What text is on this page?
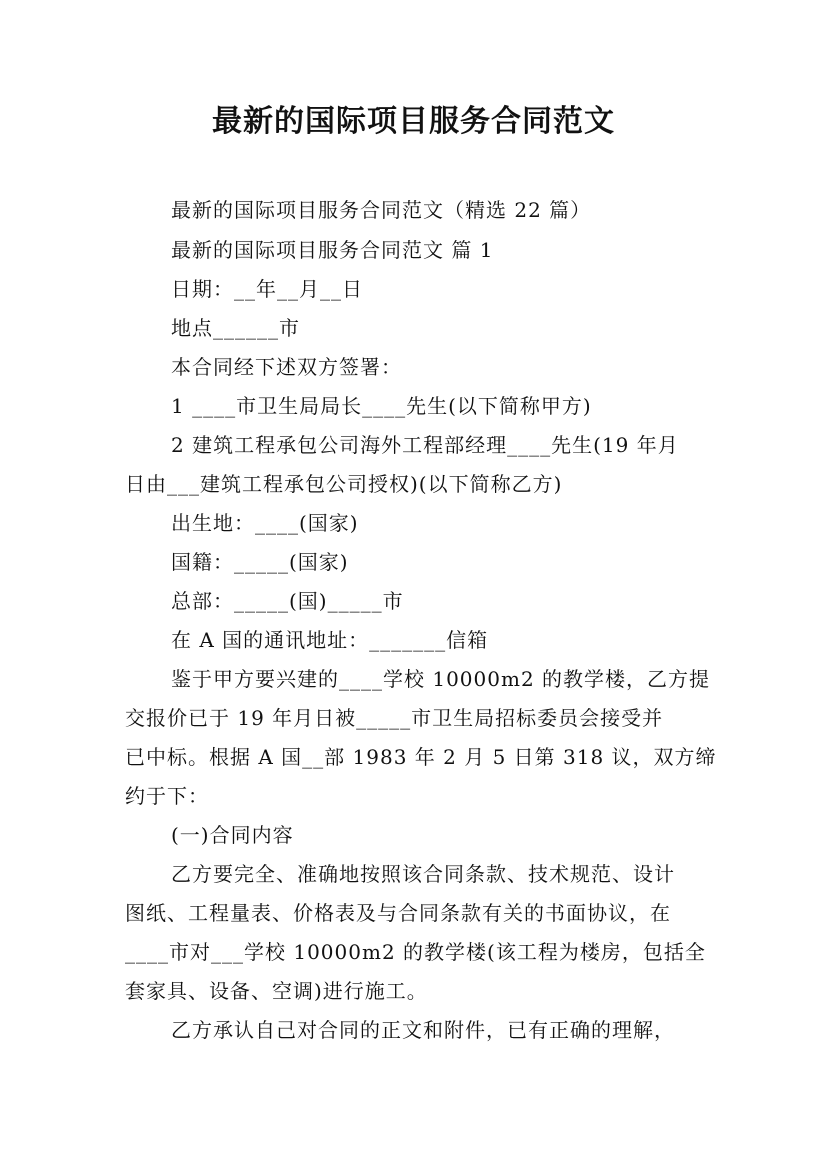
最新的国际项目服务合同范文
最新的国际项目服务合同范文（精选 22 篇）
最新的国际项目服务合同范文 篇 1
日期：__年__月__日
地点______市
本合同经下述双方签署：
1 ____市卫生局局长____先生(以下简称甲方)
2 建筑工程承包公司海外工程部经理____先生(19 年月
日由___建筑工程承包公司授权)(以下简称乙方)
出生地：____(国家)
国籍：_____(国家)
总部：_____(国)_____市
在 A 国的通讯地址：_______信箱
鉴于甲方要兴建的____学校 10000m2 的教学楼，乙方提
交报价已于 19 年月日被_____市卫生局招标委员会接受并
已中标。根据 A 国__部 1983 年 2 月 5 日第 318 议，双方缔
约于下：
(一)合同内容
乙方要完全、准确地按照该合同条款、技术规范、设计
图纸、工程量表、价格表及与合同条款有关的书面协议，在
____市对___学校 10000m2 的教学楼(该工程为楼房，包括全
套家具、设备、空调)进行施工。
乙方承认自己对合同的正文和附件，已有正确的理解，
